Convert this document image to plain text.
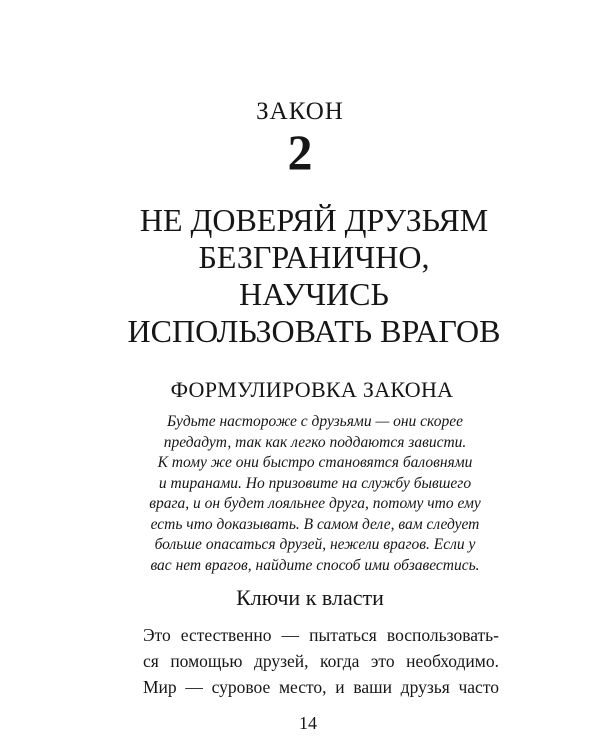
ЗАКОН
2
НЕ ДОВЕРЯЙ ДРУЗЬЯМ
БЕЗГРАНИЧНО,
НАУЧИСЬ
ИСПОЛЬЗОВАТЬ ВРАГОВ
ФОРМУЛИРОВКА ЗАКОНА
Будьте настороже с друзьями — они скорее
предадут, так как легко поддаются зависти.
К тому же они быстро становятся баловнями
и тиранами. Но призовите на службу бывшего
врага, и он будет лояльнее друга, потому что ему
есть что доказывать. В самом деле, вам следует
больше опасаться друзей, нежели врагов. Если у
вас нет врагов, найдите способ ими обзавестись.
Ключи к власти
Это естественно — пытаться воспользовать-
ся помощью друзей, когда это необходимо.
Мир — суровое место, и ваши друзья часто
14
